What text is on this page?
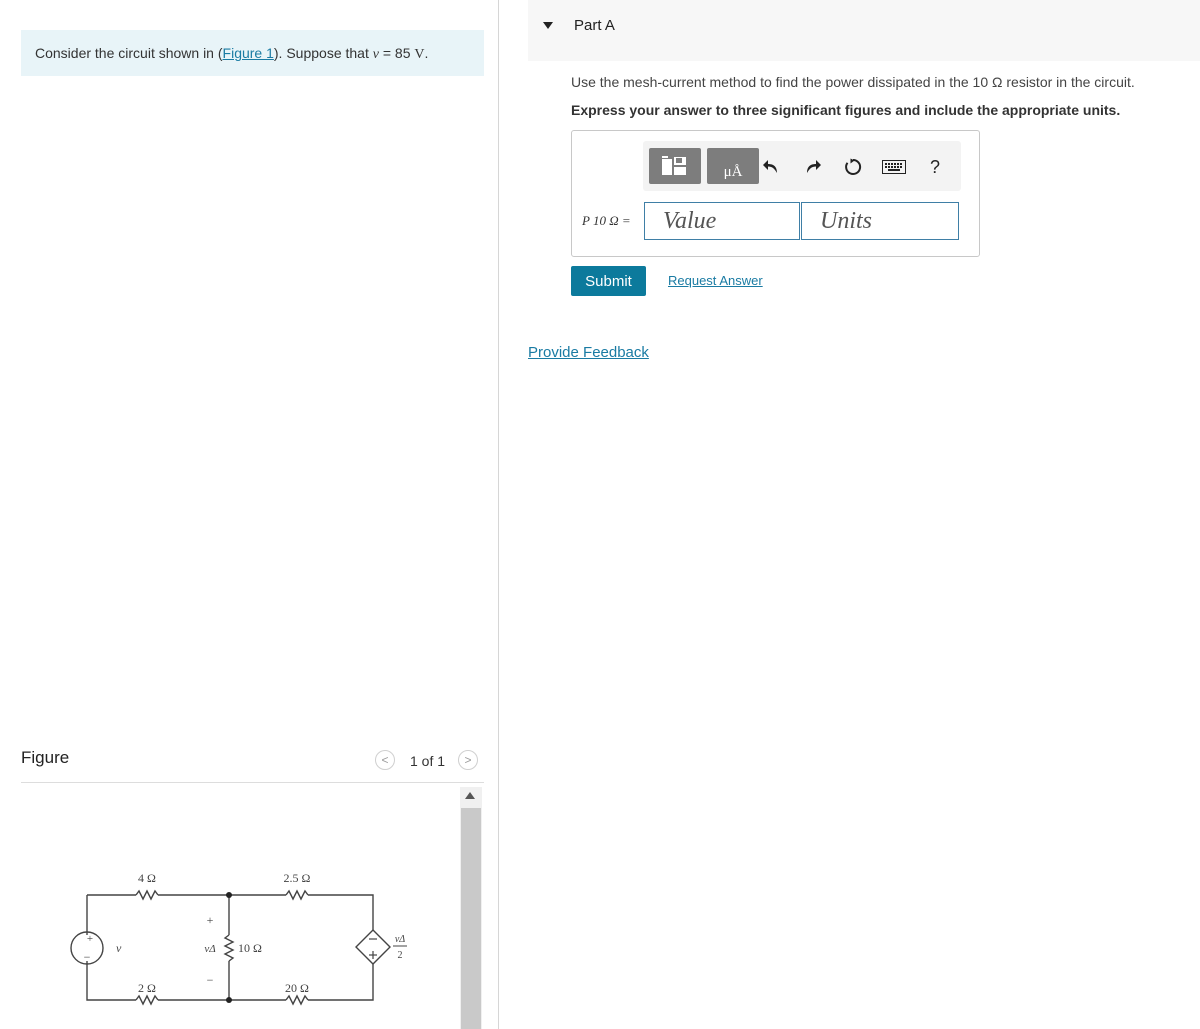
Consider the circuit shown in (Figure 1). Suppose that v = 85 V.
Part A
Use the mesh-current method to find the power dissipated in the 10 Ω resistor in the circuit.
Express your answer to three significant figures and include the appropriate units.
μÅ	?
P 10 Ω =	Value	Units
Submit	Request Answer
Provide Feedback
Figure	<	1 of 1	>
+
−
v
4 Ω	2.5 Ω
10 Ω
2 Ω	20 Ω
+
vΔ
−
vΔ
2
